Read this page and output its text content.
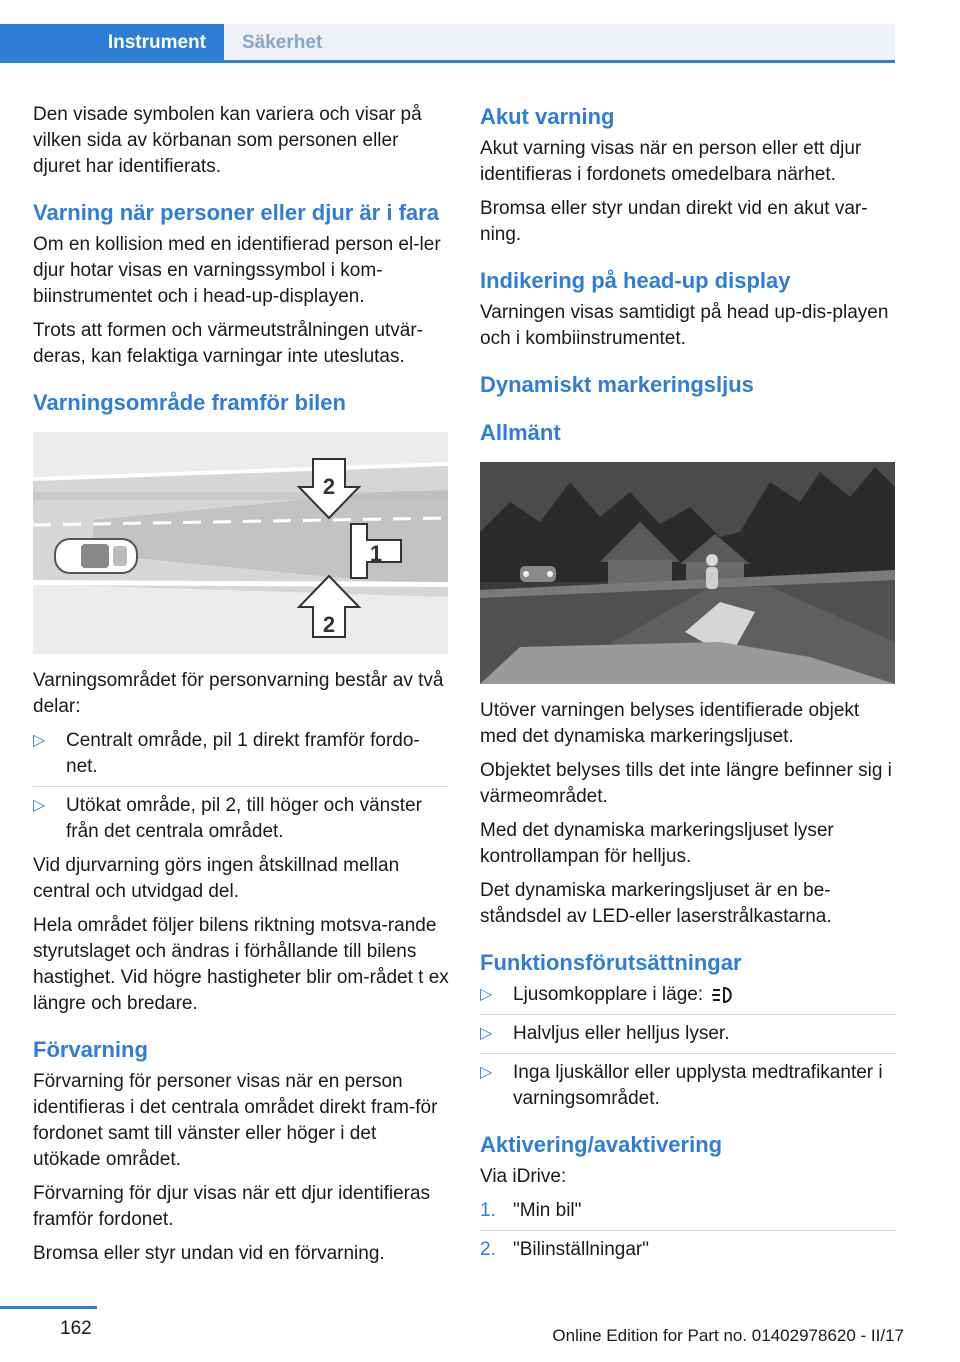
Instrument	Säkerhet

Den visade symbolen kan variera och visar på vilken sida av körbanan som personen eller djuret har identifierats.

Varning när personer eller djur är i fara

Om en kollision med en identifierad person el-ler djur hotar visas en varningssymbol i kom-biinstrumentet och i head-up-displayen.

Trots att formen och värmeutstrålningen utvär-deras, kan felaktiga varningar inte uteslutas.

Varningsområde framför bilen
2
1
2

Varningsområdet för personvarning består av två delar:

▷ Centralt område, pil 1 direkt framför fordo-net.
▷ Utökat område, pil 2, till höger och vänster från det centrala området.

Vid djurvarning görs ingen åtskillnad mellan central och utvidgad del.

Hela området följer bilens riktning motsva-rande styrutslaget och ändras i förhållande till bilens hastighet. Vid högre hastigheter blir om-rådet t ex längre och bredare.

Förvarning

Förvarning för personer visas när en person identifieras i det centrala området direkt fram-för fordonet samt till vänster eller höger i det utökade området.

Förvarning för djur visas när ett djur identifieras framför fordonet.

Bromsa eller styr undan vid en förvarning.

Akut varning

Akut varning visas när en person eller ett djur identifieras i fordonets omedelbara närhet.

Bromsa eller styr undan direkt vid en akut var-ning.

Indikering på head-up display

Varningen visas samtidigt på head up-dis-playen och i kombiinstrumentet.

Dynamiskt markeringsljus
Allmänt

Utöver varningen belyses identifierade objekt med det dynamiska markeringsljuset.

Objektet belyses tills det inte längre befinner sig i värmeområdet.

Med det dynamiska markeringsljuset lyser kontrollampan för helljus.

Det dynamiska markeringsljuset är en be-ståndsdel av LED-eller laserstrålkastarna.

Funktionsförutsättningar
▷ Ljusomkopplare i läge:
▷ Halvljus eller helljus lyser.
▷ Inga ljuskällor eller upplysta medtrafikanter i varningsområdet.
Aktivering/avaktivering

Via iDrive:

1. "Min bil"
2. "Bilinställningar"
162	Online Edition for Part no. 01402978620 - II/17
